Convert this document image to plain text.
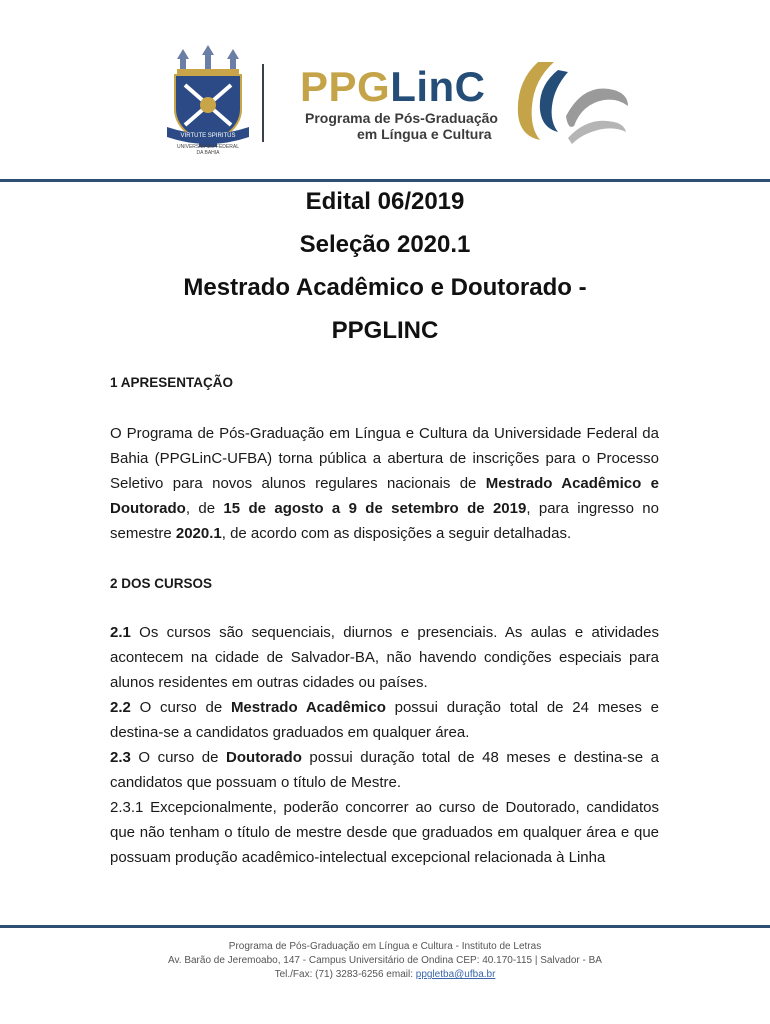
VIRTUTE SPIRITUS
UNIVERSIDADE FEDERAL
DA BAHIA
PPGLinC
Programa de Pós-Graduação
em Língua e Cultura
Edital 06/2019
Seleção 2020.1
Mestrado Acadêmico e Doutorado -
PPGLINC
1 APRESENTAÇÃO

O Programa de Pós-Graduação em Língua e Cultura da Universidade Federal da Bahia (PPGLinC-UFBA) torna pública a abertura de inscrições para o Processo Seletivo para novos alunos regulares nacionais de Mestrado Acadêmico e Doutorado, de 15 de agosto a 9 de setembro de 2019, para ingresso no semestre 2020.1, de acordo com as disposições a seguir detalhadas.

2 DOS CURSOS

2.1 Os cursos são sequenciais, diurnos e presenciais. As aulas e atividades acontecem na cidade de Salvador-BA, não havendo condições especiais para alunos residentes em outras cidades ou países.

2.2 O curso de Mestrado Acadêmico possui duração total de 24 meses e destina-se a candidatos graduados em qualquer área.

2.3 O curso de Doutorado possui duração total de 48 meses e destina-se a candidatos que possuam o título de Mestre.

2.3.1 Excepcionalmente, poderão concorrer ao curso de Doutorado, candidatos que não tenham o título de mestre desde que graduados em qualquer área e que possuam produção acadêmico-intelectual excepcional relacionada à Linha

Programa de Pós-Graduação em Língua e Cultura - Instituto de Letras
Av. Barão de Jeremoabo, 147 - Campus Universitário de Ondina CEP: 40.170-115 | Salvador - BA
Tel./Fax: (71) 3283-6256 email: ppgletba@ufba.br
